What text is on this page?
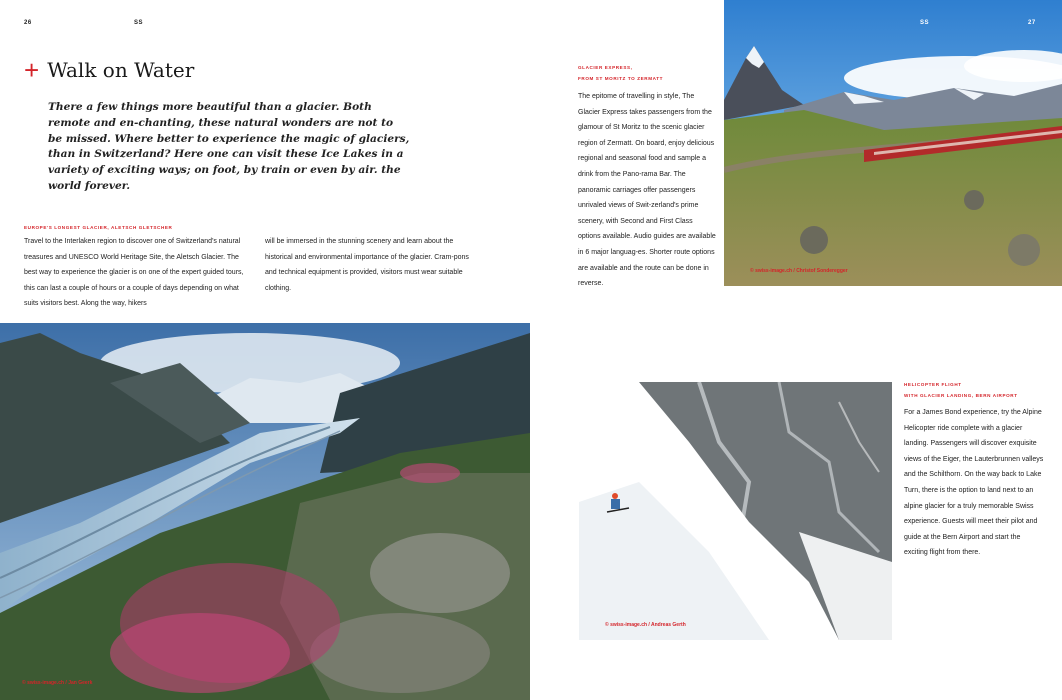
26	SS
+ Walk on Water
There a few things more beautiful than a glacier. Both remote and en-chanting, these natural wonders are not to be missed. Where better to experience the magic of glaciers, than in Switzerland? Here one can visit these Ice Lakes in a variety of exciting ways; on foot, by train or even by air. the world forever.
EUROPE'S LONGEST GLACIER, ALETSCH GLETSCHER
Travel to the Interlaken region to discover one of Switzerland's natural treasures and UNESCO World Heritage Site, the Aletsch Glacier. The best way to experience the glacier is on one of the expert guided tours, this can last a couple of hours or a couple of days depending on what suits visitors best. Along the way, hikers
will be immersed in the stunning scenery and learn about the historical and environmental importance of the glacier. Cram-pons and technical equipment is provided, visitors must wear suitable clothing.
GLACIER EXPRESS,
FROM ST MORITZ TO ZERMATT
The epitome of travelling in style, The Glacier Express takes passengers from the glamour of St Moritz to the scenic glacier region of Zermatt. On board, enjoy delicious regional and seasonal food and sample a drink from the Pano-rama Bar. The panoramic carriages offer passengers unrivaled views of Swit-zerland's prime scenery, with Second and First Class options available. Audio guides are available in 6 major languag-es. Shorter route options are available and the route can be done in reverse.
HELICOPTER FLIGHT
WITH GLACIER LANDING, BERN AIRPORT
For a James Bond experience, try the Alpine Helicopter ride complete with a glacier landing. Passengers will discover exquisite views of the Eiger, the Lauterbrunnen valleys and the Schilthorn. On the way back to Lake Turn, there is the option to land next to an alpine glacier for a truly memorable Swiss experience. Guests will meet their pilot and guide at the Bern Airport and start the exciting flight from there.
SS	27
© swiss-image.ch / Christof Sonderegger
© swiss-image.ch / Jan Geerk
© swiss-image.ch / Andreas Gerth
